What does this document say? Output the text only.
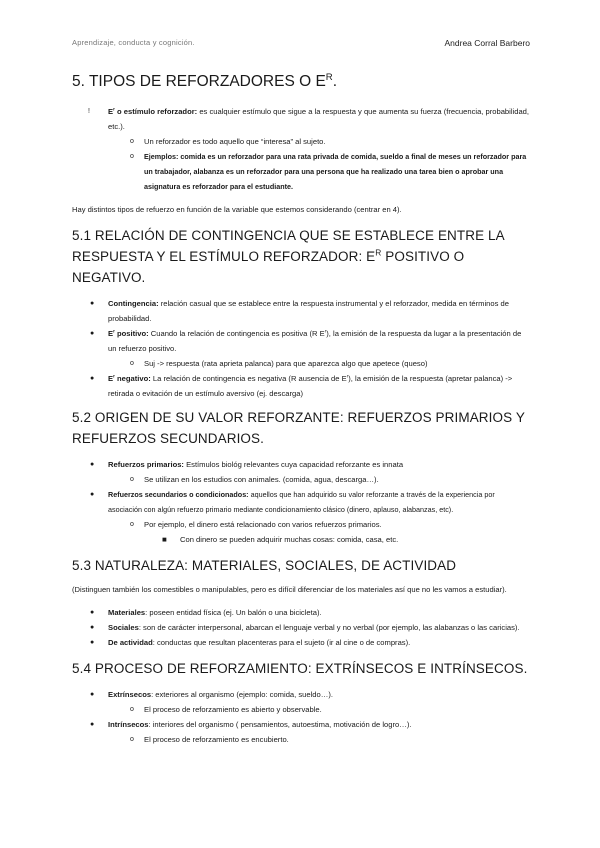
Aprendizaje, conducta y cognición.	Andrea Corral Barbero
5. TIPOS DE REFORZADORES O $E^R$.
! $E^r$ o estímulo reforzador: es cualquier estímulo que sigue a la respuesta y que aumenta su fuerza (frecuencia, probabilidad, etc.).
o Un reforzador es todo aquello que “interesa” al sujeto.
o Ejemplos: comida es un reforzador para una rata privada de comida, sueldo a final de meses un reforzador para un trabajador, alabanza es un reforzador para una persona que ha realizado una tarea bien o aprobar una asignatura es reforzador para el estudiante.

Hay distintos tipos de refuerzo en función de la variable que estemos considerando (centrar en 4).

5.1 RELACIÓN DE CONTINGENCIA QUE SE ESTABLECE ENTRE LA RESPUESTA Y EL ESTÍMULO REFORZADOR: $E^R$ POSITIVO O NEGATIVO.
● Contingencia: relación casual que se establece entre la respuesta instrumental y el reforzador, medida en términos de probabilidad.
● $E^r$ positivo: Cuando la relación de contingencia es positiva (R $E^r$), la emisión de la respuesta da lugar a la presentación de un refuerzo positivo.
o Suj -> respuesta (rata aprieta palanca) para que aparezca algo que apetece (queso)
● $E^r$ negativo: La relación de contingencia es negativa (R ausencia de $E^r$), la emisión de la respuesta (apretar palanca) -> retirada o evitación de un estímulo aversivo (ej. descarga)
5.2 ORIGEN DE SU VALOR REFORZANTE: REFUERZOS PRIMARIOS Y REFUERZOS SECUNDARIOS.
● Refuerzos primarios: Estímulos biológ relevantes cuya capacidad reforzante es innata
o Se utilizan en los estudios con animales. (comida, agua, descarga…).
● Refuerzos secundarios o condicionados: aquellos que han adquirido su valor reforzante a través de la experiencia por asociación con algún refuerzo primario mediante condicionamiento clásico (dinero, aplauso, alabanzas, etc).
o Por ejemplo, el dinero está relacionado con varios refuerzos primarios.
■ Con dinero se pueden adquirir muchas cosas: comida, casa, etc.
5.3 NATURALEZA: MATERIALES, SOCIALES, DE ACTIVIDAD

(Distinguen también los comestibles o manipulables, pero es difícil diferenciar de los materiales así que no les vamos a estudiar).

● Materiales: poseen entidad física (ej. Un balón o una bicicleta).
● Sociales: son de carácter interpersonal, abarcan el lenguaje verbal y no verbal (por ejemplo, las alabanzas o las caricias).
● De actividad: conductas que resultan placenteras para el sujeto (ir al cine o de compras).
5.4 PROCESO DE REFORZAMIENTO: EXTRÍNSECOS E INTRÍNSECOS.
● Extrínsecos: exteriores al organismo (ejemplo: comida, sueldo…).
o El proceso de reforzamiento es abierto y observable.
● Intrínsecos: interiores del organismo ( pensamientos, autoestima, motivación de logro…).
o El proceso de reforzamiento es encubierto.
